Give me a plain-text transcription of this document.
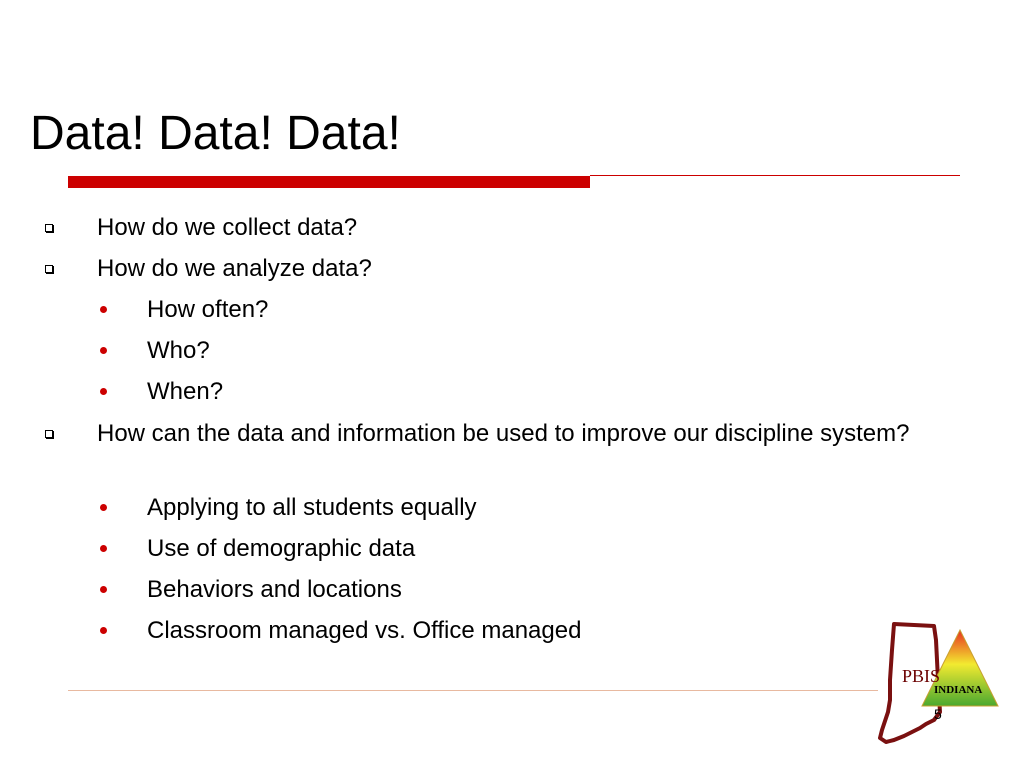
Data! Data! Data!
How do we collect data?
How do we analyze data?
How often?
Who?
When?
How can the data and information be used to improve our discipline system?
Applying to all students equally
Use of demographic data
Behaviors and locations
Classroom managed vs. Office managed
PBIS
INDIANA
5
